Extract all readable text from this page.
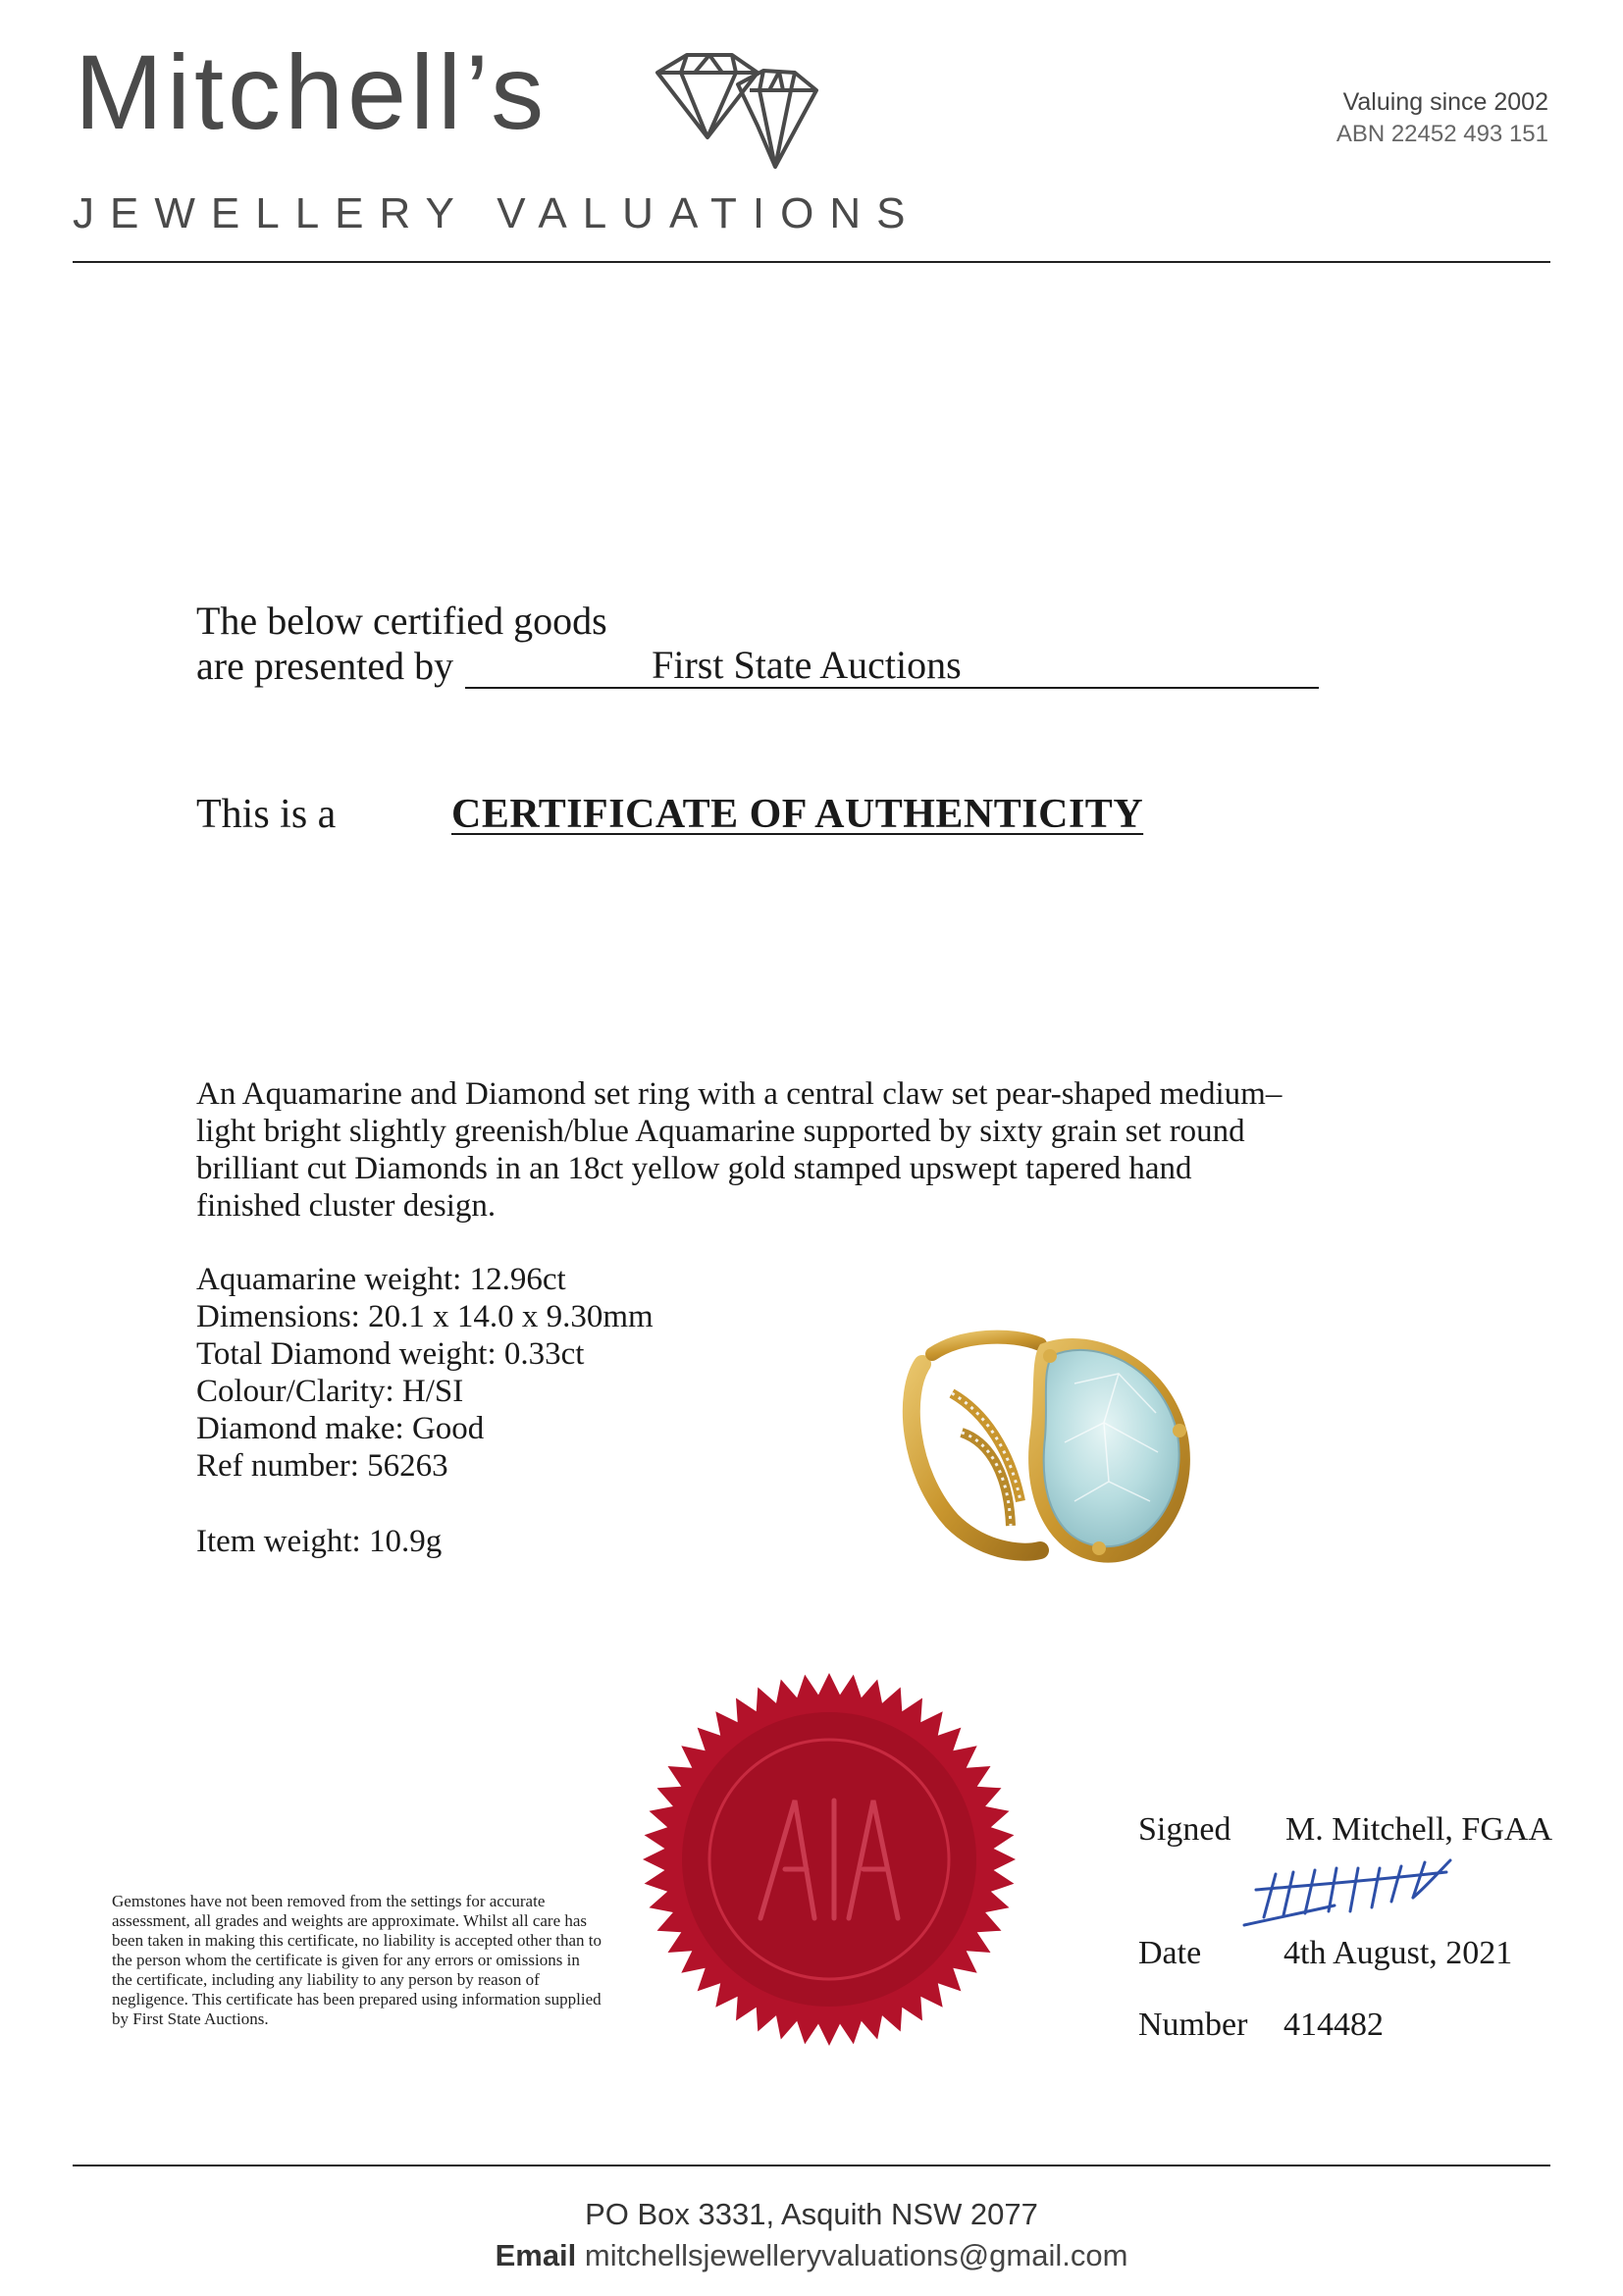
Mitchell’s
JEWELLERY VALUATIONS
Valuing since 2002
ABN 22452 493 151
The below certified goods
are presented by	First State Auctions
This is a	CERTIFICATE OF AUTHENTICITY
An Aquamarine and Diamond set ring with a central claw set pear-shaped medium–light bright slightly greenish/blue Aquamarine supported by sixty grain set round brilliant cut Diamonds in an 18ct yellow gold stamped upswept tapered hand finished cluster design.
Aquamarine weight: 12.96ct
Dimensions: 20.1 x 14.0 x 9.30mm
Total Diamond weight: 0.33ct
Colour/Clarity: H/SI
Diamond make: Good
Ref number: 56263
Item weight: 10.9g
Gemstones have not been removed from the settings for accurate assessment, all grades and weights are approximate. Whilst all care has been taken in making this certificate, no liability is accepted other than to the person whom the certificate is given for any errors or omissions in the certificate, including any liability to any person by reason of negligence. This certificate has been prepared using information supplied by First State Auctions.
Signed M. Mitchell, FGAA
Date 4th August, 2021
Number 414482
PO Box 3331, Asquith NSW 2077
Email mitchellsjewelleryvaluations@gmail.com
